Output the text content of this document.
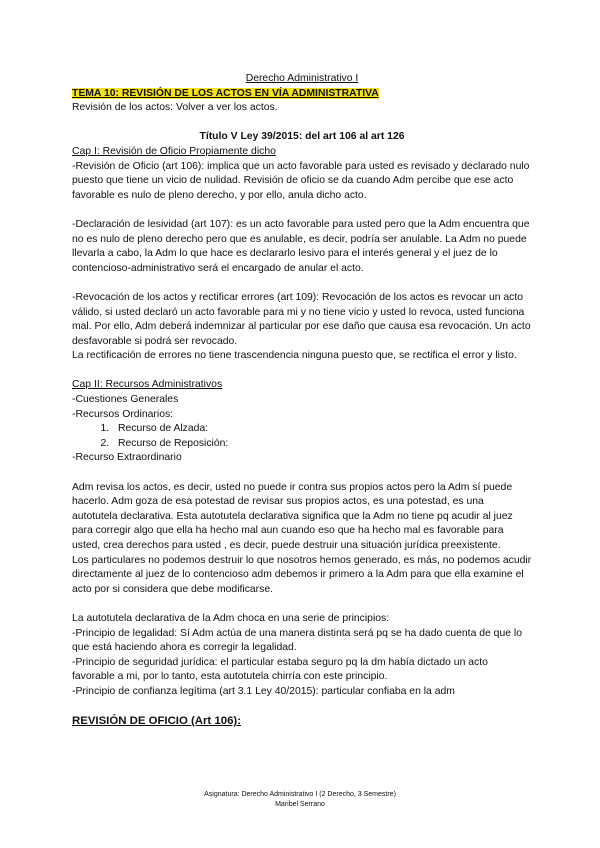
Derecho Administrativo I

TEMA 10: REVISIÓN DE LOS ACTOS EN VÍA ADMINISTRATIVA

Revisión de los actos: Volver a ver los actos.

Título V Ley 39/2015: del art 106 al art 126

Cap I: Revisión de Oficio Propiamente dicho

-Revisión de Oficio (art 106): implica que un acto favorable para usted es revisado y declarado nulo puesto que tiene un vicio de nulidad. Revisión de oficio se da cuando Adm percibe que ese acto favorable es nulo de pleno derecho, y por ello, anula dicho acto.

-Declaración de lesividad (art 107): es un acto favorable para usted pero que la Adm encuentra que no es nulo de pleno derecho pero que es anulable, es decir, podría ser anulable. La Adm no puede llevarla a cabo, la Adm lo que hace es declararlo lesivo para el interés general y el juez de lo contencioso-administrativo será el encargado de anular el acto.

-Revocación de los actos y rectificar errores (art 109): Revocación de los actos es revocar un acto válido, si usted declaró un acto favorable para mi y no tiene vicio y usted lo revoca, usted funciona mal. Por ello, Adm deberá indemnizar al particular por ese daño que causa esa revocación. Un acto desfavorable si podrá ser revocado.

La rectificación de errores no tiene trascendencia ninguna puesto que, se rectifica el error y listo.

Cap II: Recursos Administrativos

-Cuestiones Generales

-Recursos Ordinarios:

1. Recurso de Alzada:
2. Recurso de Reposición:

-Recurso Extraordinario

Adm revisa los actos, es decir, usted no puede ir contra sus propios actos pero la Adm sí puede hacerlo. Adm goza de esa potestad de revisar sus propios actos, es una potestad, es una autotutela declarativa. Esta autotutela declarativa significa que la Adm no tiene pq acudir al juez para corregir algo que ella ha hecho mal aun cuando eso que ha hecho mal es favorable para usted, crea derechos para usted , es decir, puede destruir una situación jurídica preexistente.

Los particulares no podemos destruir lo que nosotros hemos generado, es más, no podemos acudir directamente al juez de lo contencioso adm debemos ir primero a la Adm para que ella examine el acto por si considera que debe modificarse.

La autotutela declarativa de la Adm choca en una serie de principios:

-Principio de legalidad: Sí Adm actúa de una manera distinta será pq se ha dado cuenta de que lo que está haciendo ahora es corregir la legalidad.

-Principio de seguridad jurídica: el particular estaba seguro pq la dm había dictado un acto favorable a mi, por lo tanto, esta autotutela chirría con este principio.

-Principio de confianza legítima (art 3.1 Ley 40/2015): particular confiaba en la adm

REVISIÓN DE OFICIO (Art 106):

Asignatura: Derecho Administrativo I (2 Derecho, 3 Semestre)
Maribel Serrano
